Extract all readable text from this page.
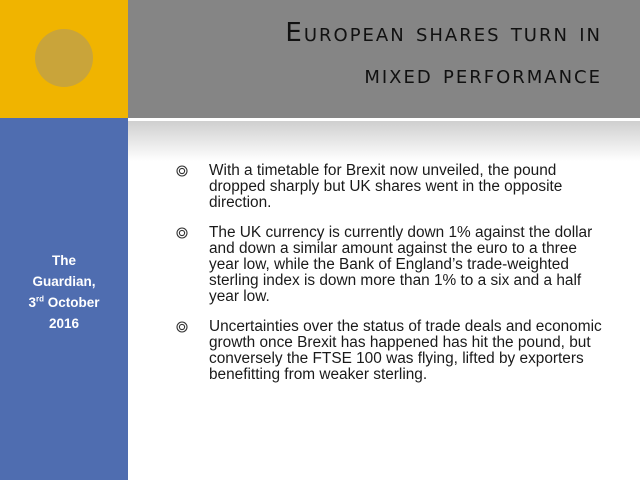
The
Guardian,
3rd October
2016
European shares turn in
mixed performance
With a timetable for Brexit now unveiled, the pound dropped sharply but UK shares went in the opposite direction.
The UK currency is currently down 1% against the dollar and down a similar amount against the euro to a three year low, while the Bank of England’s trade-weighted sterling index is down more than 1% to a six and a half year low.
Uncertainties over the status of trade deals and economic growth once Brexit has happened has hit the pound, but conversely the FTSE 100 was flying, lifted by exporters benefitting from weaker sterling.
